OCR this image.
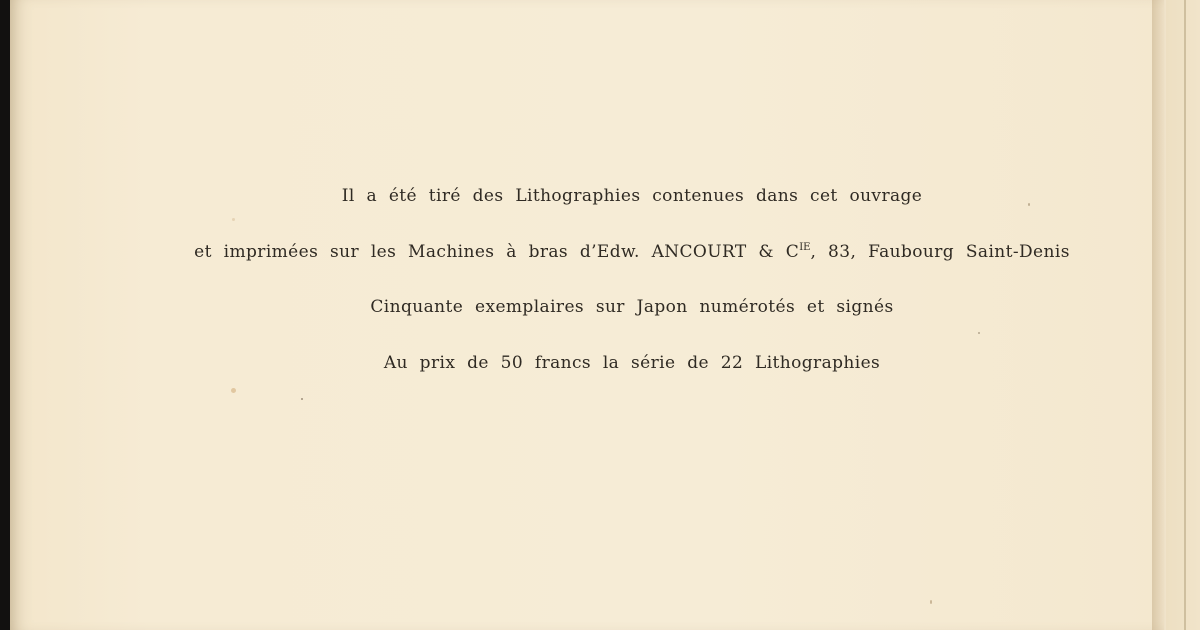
Il a été tiré des Lithographies contenues dans cet ouvrage
et imprimées sur les Machines à bras d’Edw. ANCOURT & $C^{IE}$, 83, Faubourg Saint-Denis
Cinquante exemplaires sur Japon numérotés et signés
Au prix de 50 francs la série de 22 Lithographies
